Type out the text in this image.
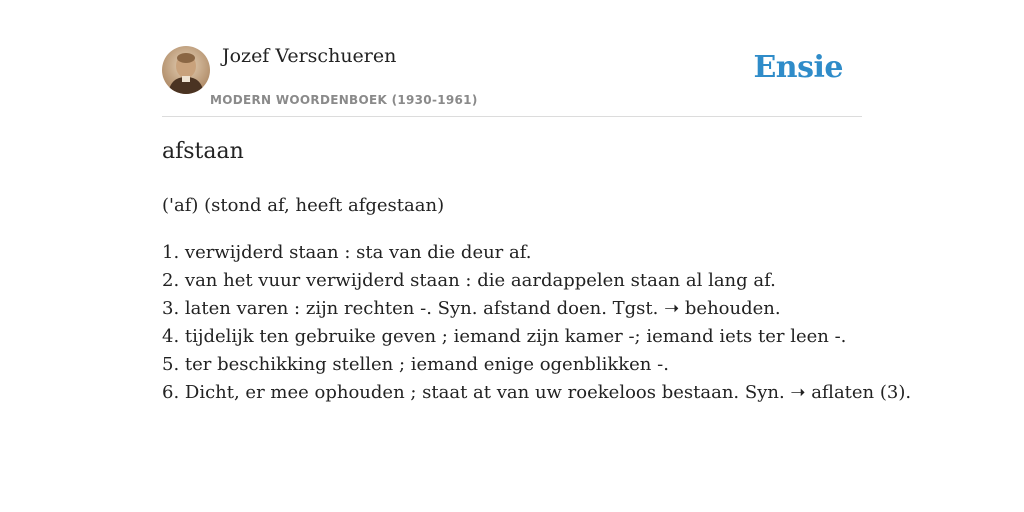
Jozef Verschueren
MODERN WOORDENBOEK (1930-1961)
Ensie
afstaan
('af) (stond af, heeft afgestaan)
1. verwijderd staan : sta van die deur af.
2. van het vuur verwijderd staan : die aardappelen staan al lang af.
3. laten varen : zijn rechten -. Syn. afstand doen. Tgst. ➝ behouden.
4. tijdelijk ten gebruike geven ; iemand zijn kamer -; iemand iets ter leen -.
5. ter beschikking stellen ; iemand enige ogenblikken -.
6. Dicht, er mee ophouden ; staat at van uw roekeloos bestaan. Syn. ➝ aflaten (3).
